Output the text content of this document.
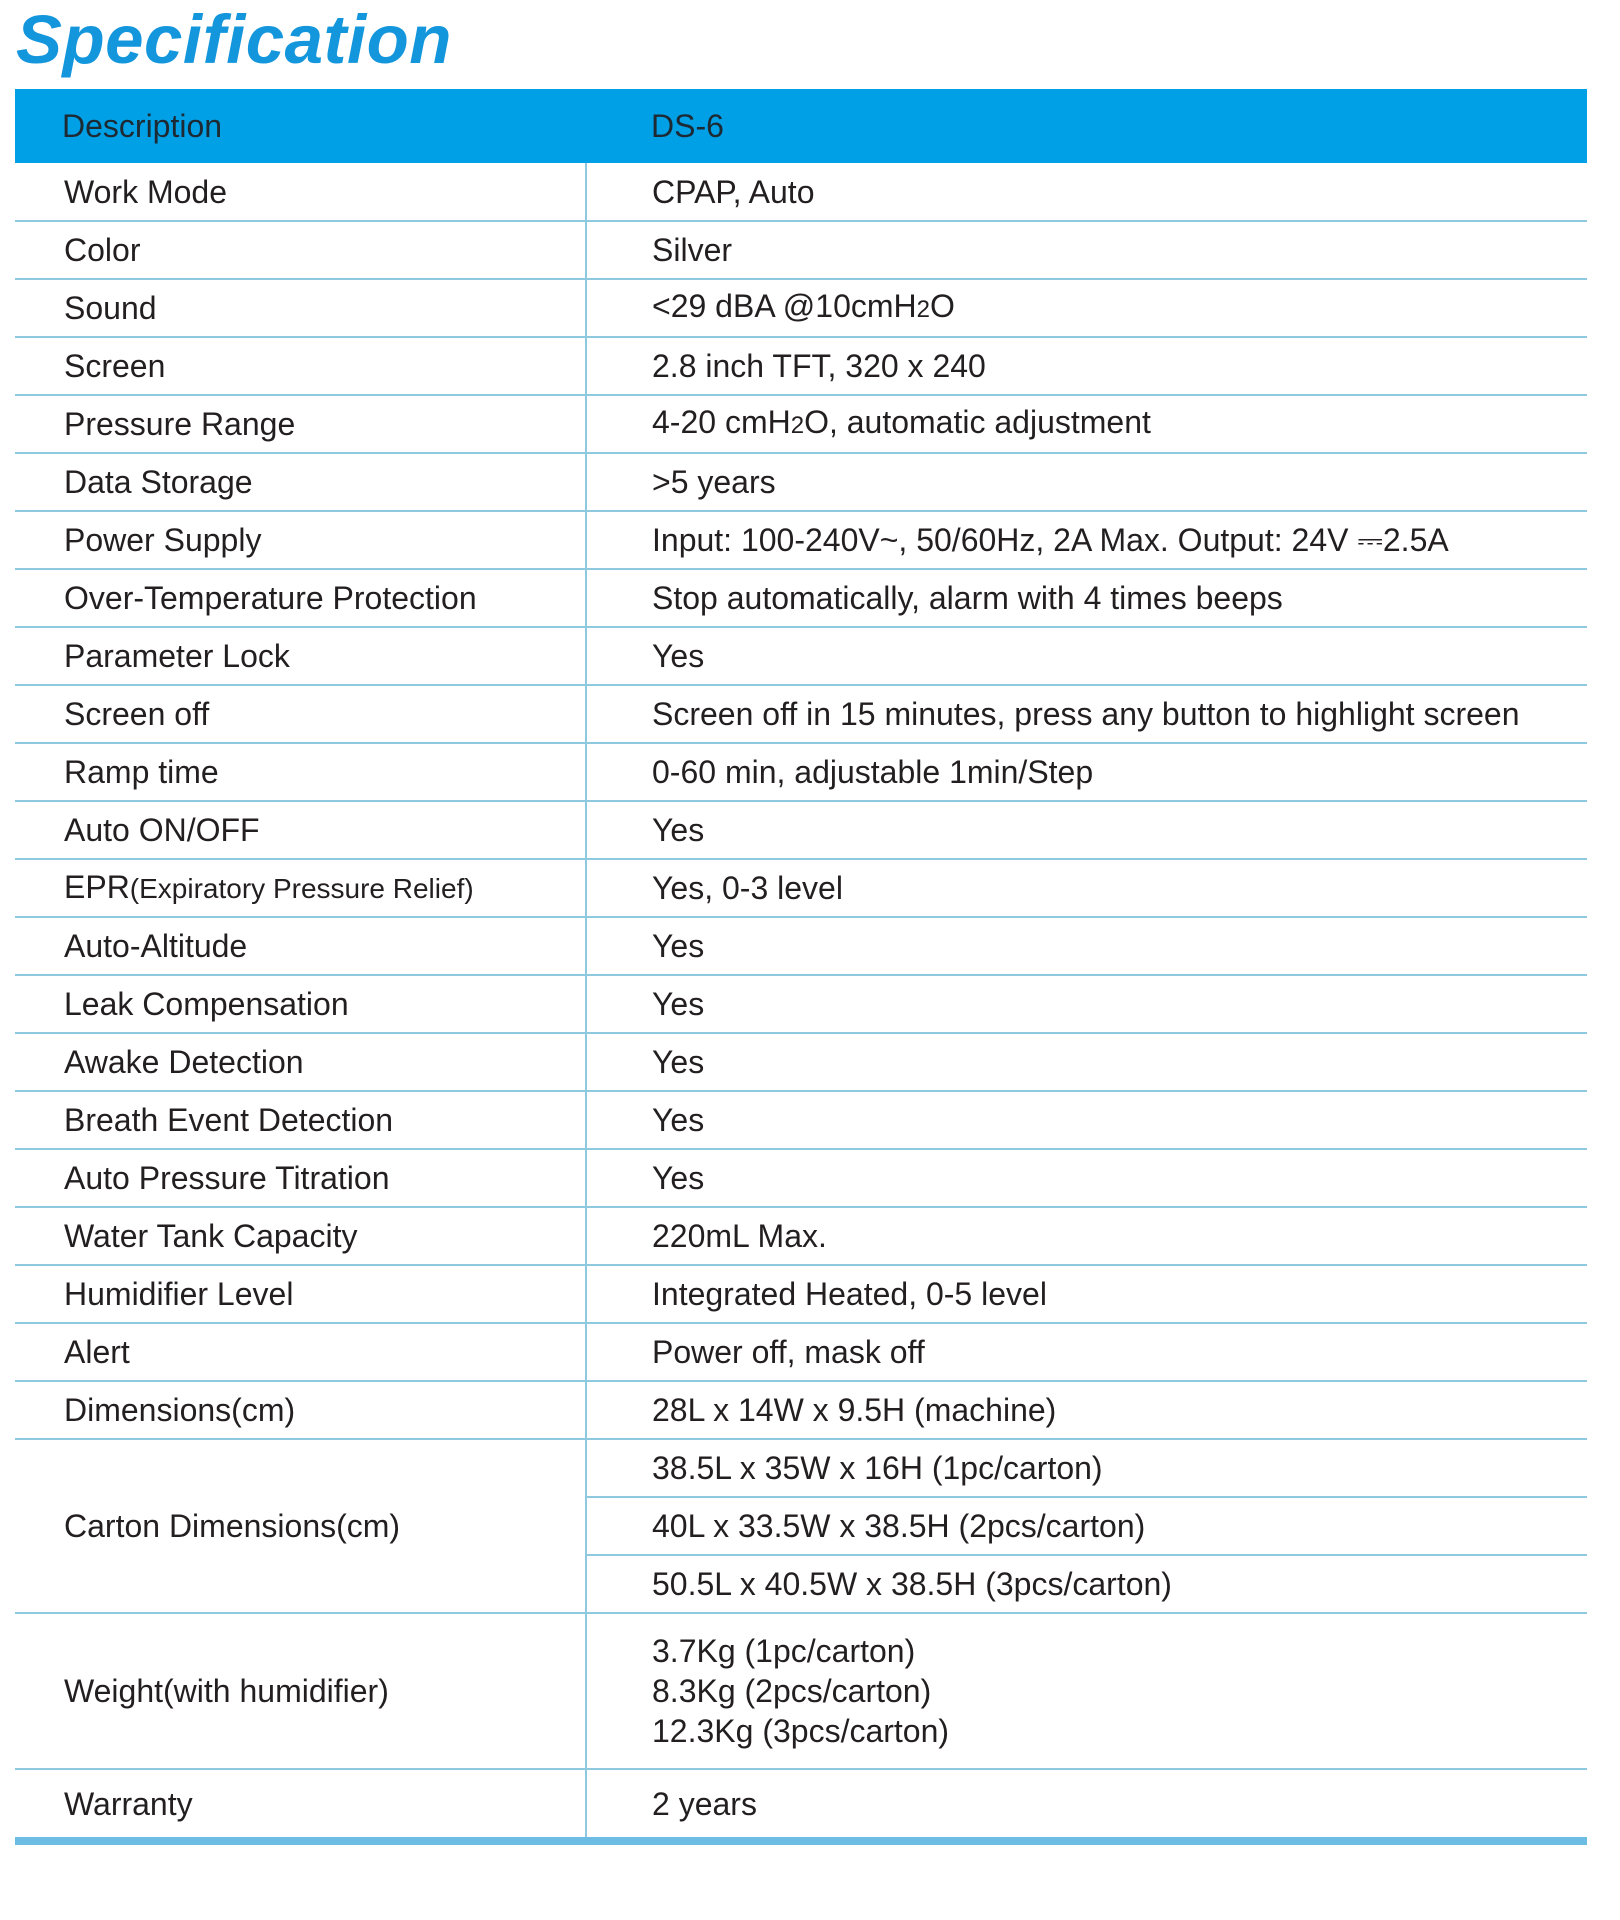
Specification
Description	DS-6
Work Mode	CPAP, Auto
Color	Silver
Sound	<29 dBA @10cmH2O
Screen	2.8 inch TFT, 320 x 240
Pressure Range	4-20 cmH2O, automatic adjustment
Data Storage	>5 years
Power Supply	Input: 100-240V~, 50/60Hz, 2A Max. Output: 24V ⎓2.5A
Over-Temperature Protection	Stop automatically, alarm with 4 times beeps
Parameter Lock	Yes
Screen off	Screen off in 15 minutes, press any button to highlight screen
Ramp time	0-60 min, adjustable 1min/Step
Auto ON/OFF	Yes
EPR(Expiratory Pressure Relief)	Yes, 0-3 level
Auto-Altitude	Yes
Leak Compensation	Yes
Awake Detection	Yes
Breath Event Detection	Yes
Auto Pressure Titration	Yes
Water Tank Capacity	220mL Max.
Humidifier Level	Integrated Heated, 0-5 level
Alert	Power off, mask off
Dimensions(cm)	28L x 14W x 9.5H (machine)
Carton Dimensions(cm)	38.5L x 35W x 16H (1pc/carton)
	40L x 33.5W x 38.5H (2pcs/carton)
	50.5L x 40.5W x 38.5H (3pcs/carton)
Weight(with humidifier)	3.7Kg (1pc/carton)
8.3Kg (2pcs/carton)
12.3Kg (3pcs/carton)

Warranty	2 years
